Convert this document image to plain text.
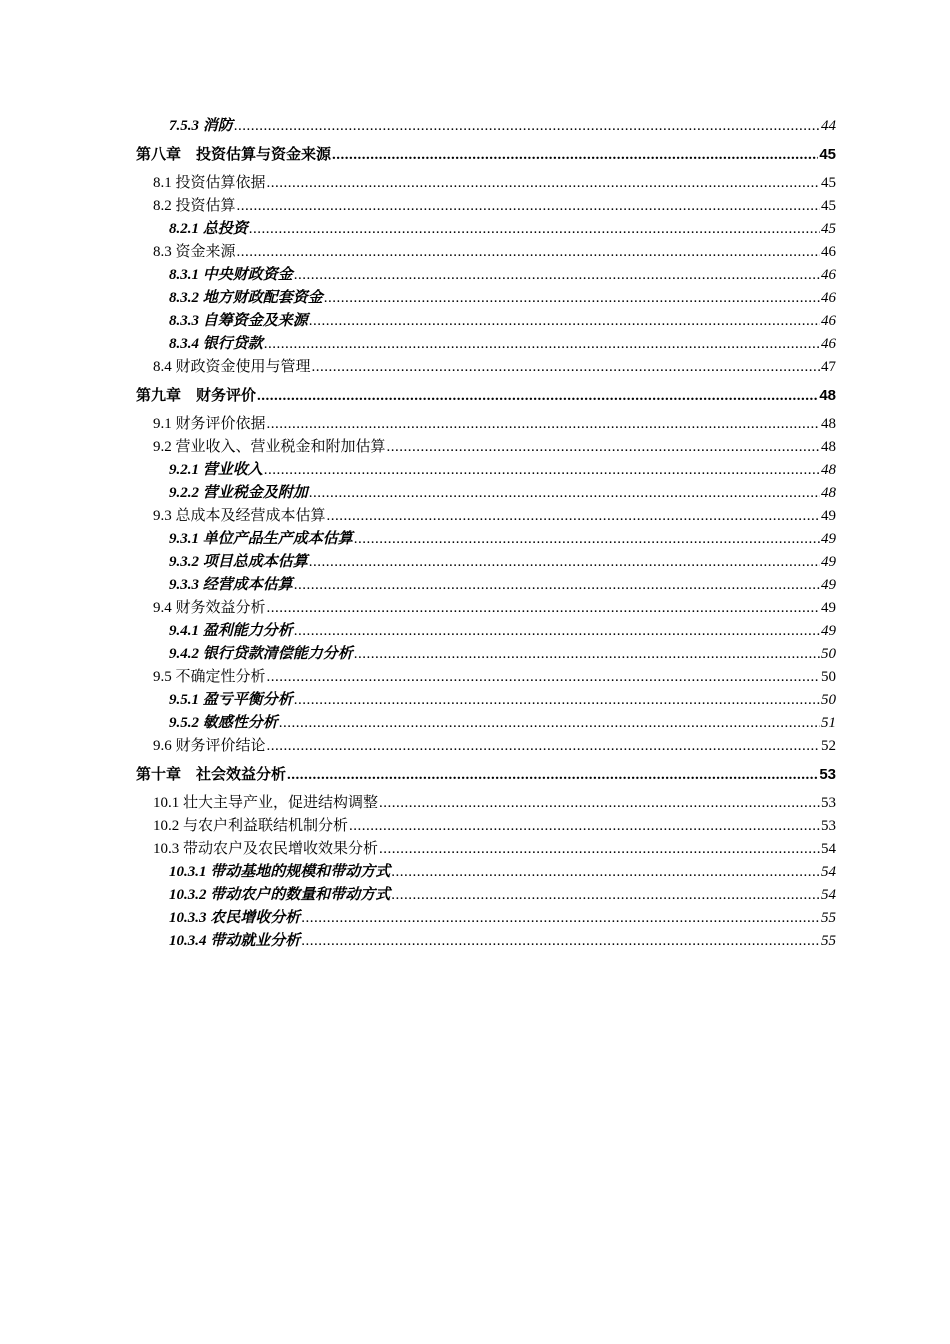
7.5.3 消防 .....	44
第八章　投资估算与资金来源 .....	45
8.1 投资估算依据 .....	45
8.2 投资估算 .....	45
8.2.1 总投资 .....	45
8.3 资金来源 .....	46
8.3.1 中央财政资金 .....	46
8.3.2 地方财政配套资金 .....	46
8.3.3 自筹资金及来源 .....	46
8.3.4 银行贷款 .....	46
8.4 财政资金使用与管理 .....	47
第九章　财务评价 .....	48
9.1 财务评价依据 .....	48
9.2 营业收入、营业税金和附加估算 .....	48
9.2.1 营业收入 .....	48
9.2.2 营业税金及附加 .....	48
9.3 总成本及经营成本估算 .....	49
9.3.1 单位产品生产成本估算 .....	49
9.3.2 项目总成本估算 .....	49
9.3.3 经营成本估算 .....	49
9.4 财务效益分析 .....	49
9.4.1 盈利能力分析 .....	49
9.4.2 银行贷款清偿能力分析 .....	50
9.5 不确定性分析 .....	50
9.5.1 盈亏平衡分析 .....	50
9.5.2 敏感性分析 .....	51
9.6 财务评价结论 .....	52
第十章　社会效益分析 .....	53
10.1 壮大主导产业，促进结构调整 .....	53
10.2 与农户利益联结机制分析 .....	53
10.3 带动农户及农民增收效果分析 .....	54
10.3.1 带动基地的规模和带动方式 .....	54
10.3.2 带动农户的数量和带动方式 .....	54
10.3.3 农民增收分析 .....	55
10.3.4 带动就业分析 .....	55
